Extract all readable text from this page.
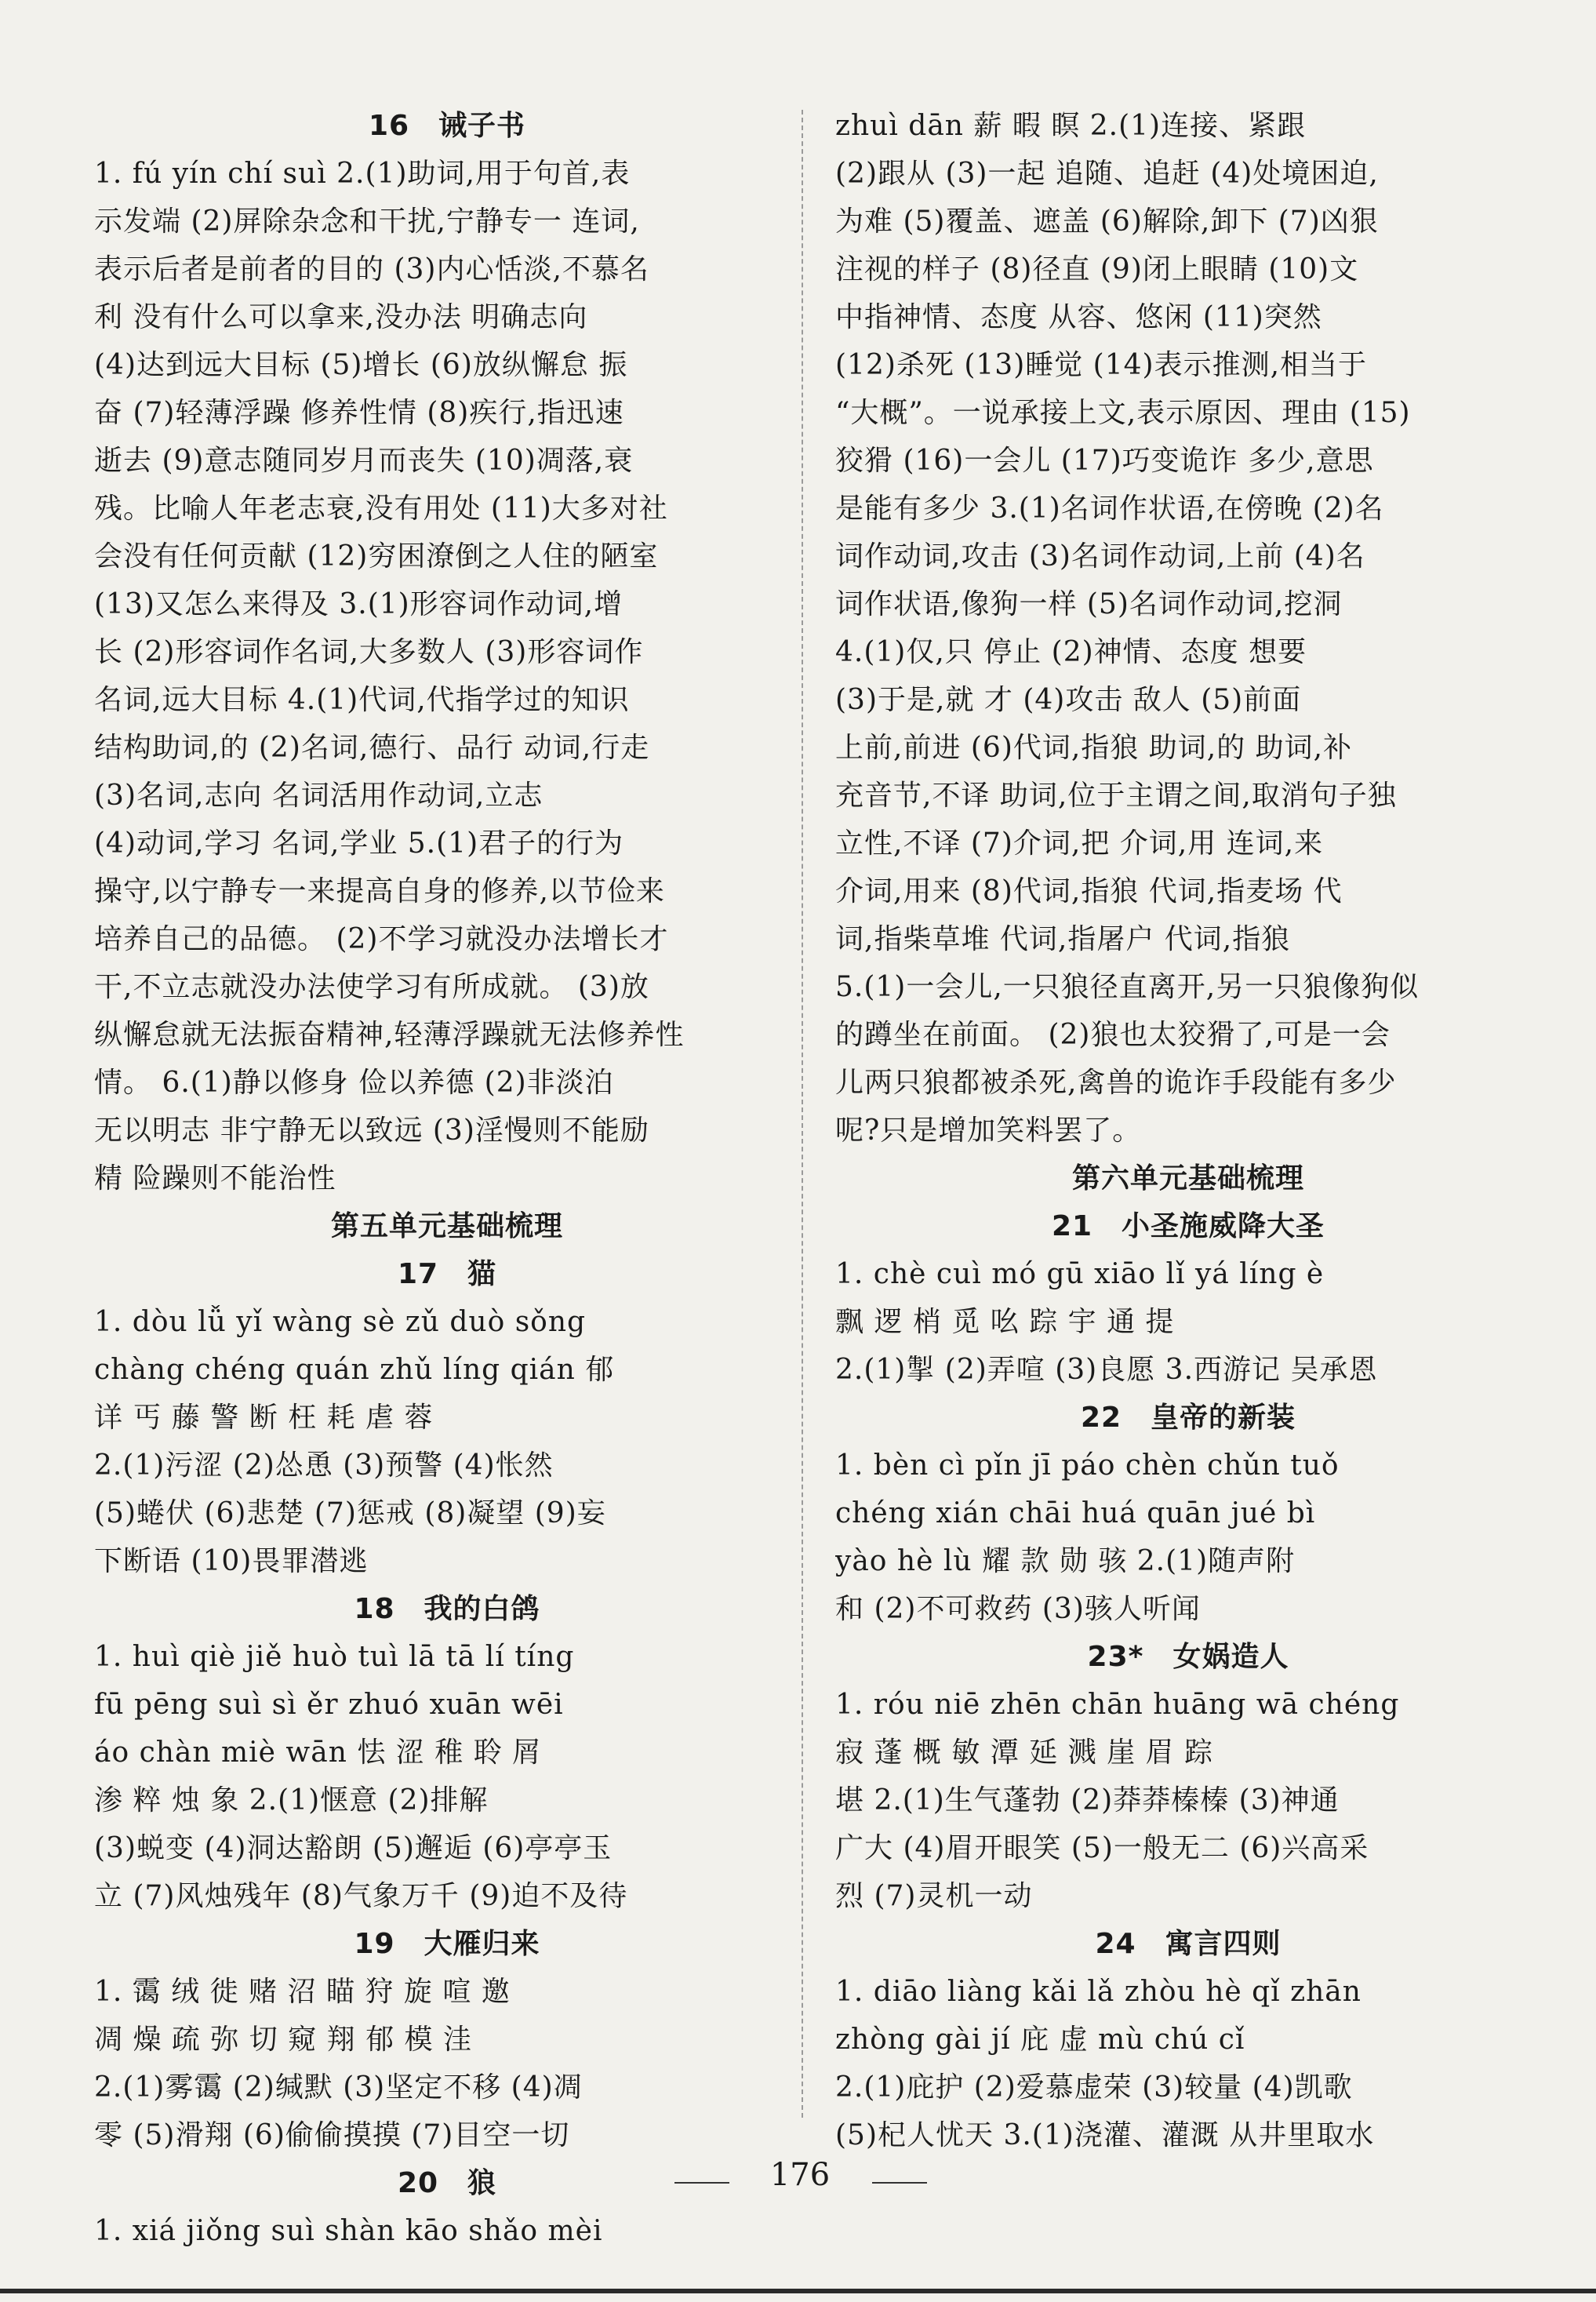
16　诫子书
1. fú yín chí suì 2.(1)助词,用于句首,表
示发端 (2)屏除杂念和干扰,宁静专一 连词,
表示后者是前者的目的 (3)内心恬淡,不慕名
利 没有什么可以拿来,没办法 明确志向
(4)达到远大目标 (5)增长 (6)放纵懈怠 振
奋 (7)轻薄浮躁 修养性情 (8)疾行,指迅速
逝去 (9)意志随同岁月而丧失 (10)凋落,衰
残。比喻人年老志衰,没有用处 (11)大多对社
会没有任何贡献 (12)穷困潦倒之人住的陋室
(13)又怎么来得及 3.(1)形容词作动词,增
长 (2)形容词作名词,大多数人 (3)形容词作
名词,远大目标 4.(1)代词,代指学过的知识
结构助词,的 (2)名词,德行、品行 动词,行走
(3)名词,志向 名词活用作动词,立志
(4)动词,学习 名词,学业 5.(1)君子的行为
操守,以宁静专一来提高自身的修养,以节俭来
培养自己的品德。 (2)不学习就没办法增长才
干,不立志就没办法使学习有所成就。 (3)放
纵懈怠就无法振奋精神,轻薄浮躁就无法修养性
情。 6.(1)静以修身 俭以养德 (2)非淡泊
无以明志 非宁静无以致远 (3)淫慢则不能励
精 险躁则不能治性
第五单元基础梳理
17　猫
1. dòu lǚ yǐ wàng sè zǔ duò sǒng
chàng chéng quán zhǔ líng qián 郁
详 丐 藤 警 断 枉 耗 虐 蓉
2.(1)污涩 (2)怂恿 (3)预警 (4)怅然
(5)蜷伏 (6)悲楚 (7)惩戒 (8)凝望 (9)妄
下断语 (10)畏罪潜逃
18　我的白鸽
1. huì qiè jiě huò tuì lā tā lí tíng
fū pēng suì sì ěr zhuó xuān wēi
áo chàn miè wān 怯 涩 稚 聆 屑
渗 粹 烛 象 2.(1)惬意 (2)排解
(3)蜕变 (4)洞达豁朗 (5)邂逅 (6)亭亭玉
立 (7)风烛残年 (8)气象万千 (9)迫不及待
19　大雁归来
1. 霭 绒 徙 赌 沼 瞄 狩 旋 喧 邀
凋 燥 疏 弥 切 窥 翔 郁 模 洼
2.(1)雾霭 (2)缄默 (3)坚定不移 (4)凋
零 (5)滑翔 (6)偷偷摸摸 (7)目空一切
20　狼
1. xiá jiǒng suì shàn kāo shǎo mèi
zhuì dān 薪 暇 瞑 2.(1)连接、紧跟
(2)跟从 (3)一起 追随、追赶 (4)处境困迫,
为难 (5)覆盖、遮盖 (6)解除,卸下 (7)凶狠
注视的样子 (8)径直 (9)闭上眼睛 (10)文
中指神情、态度 从容、悠闲 (11)突然
(12)杀死 (13)睡觉 (14)表示推测,相当于
“大概”。一说承接上文,表示原因、理由 (15)
狡猾 (16)一会儿 (17)巧变诡诈 多少,意思
是能有多少 3.(1)名词作状语,在傍晚 (2)名
词作动词,攻击 (3)名词作动词,上前 (4)名
词作状语,像狗一样 (5)名词作动词,挖洞
4.(1)仅,只 停止 (2)神情、态度 想要
(3)于是,就 才 (4)攻击 敌人 (5)前面
上前,前进 (6)代词,指狼 助词,的 助词,补
充音节,不译 助词,位于主谓之间,取消句子独
立性,不译 (7)介词,把 介词,用 连词,来
介词,用来 (8)代词,指狼 代词,指麦场 代
词,指柴草堆 代词,指屠户 代词,指狼
5.(1)一会儿,一只狼径直离开,另一只狼像狗似
的蹲坐在前面。 (2)狼也太狡猾了,可是一会
儿两只狼都被杀死,禽兽的诡诈手段能有多少
呢?只是增加笑料罢了。
第六单元基础梳理
21　小圣施威降大圣
1. chè cuì mó gū xiāo lǐ yá líng è
飘 逻 梢 觅 吆 踪 宇 通 提
2.(1)掣 (2)弄喧 (3)良愿 3.西游记 吴承恩
22　皇帝的新装
1. bèn cì pǐn jī páo chèn chǔn tuǒ
chéng xián chāi huá quān jué bì
yào hè lù 耀 款 勋 骇 2.(1)随声附
和 (2)不可救药 (3)骇人听闻
23*　女娲造人
1. róu niē zhēn chān huāng wā chéng
寂 蓬 概 敏 潭 延 溅 崖 眉 踪
堪 2.(1)生气蓬勃 (2)莽莽榛榛 (3)神通
广大 (4)眉开眼笑 (5)一般无二 (6)兴高采
烈 (7)灵机一动
24　寓言四则
1. diāo liàng kǎi lǎ zhòu hè qǐ zhān
zhòng gài jí 庇 虚 mù chú cǐ
2.(1)庇护 (2)爱慕虚荣 (3)较量 (4)凯歌
(5)杞人忧天 3.(1)浇灌、灌溉 从井里取水
176
